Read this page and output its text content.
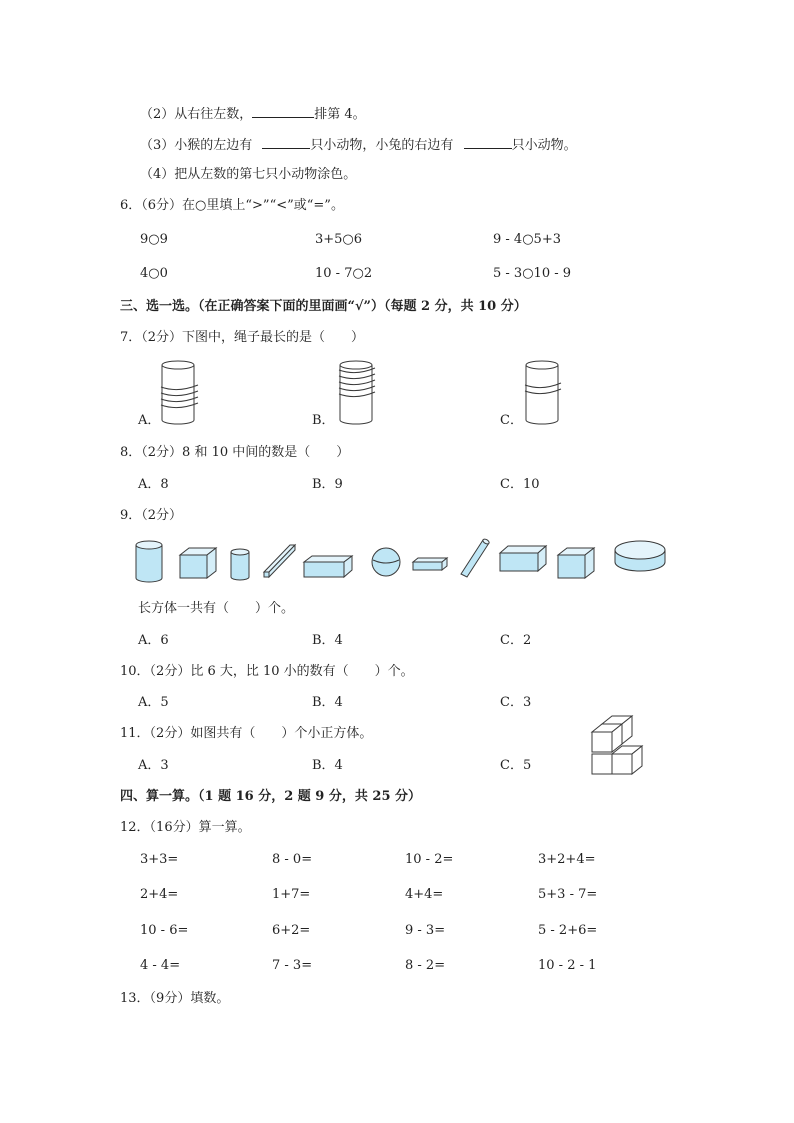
（2）从右往左数，	排第 4。
（3）小猴的左边有	只小动物，小兔的右边有	只小动物。
（4）把从左数的第七只小动物涂色。
6．（6分）在○里填上“>”“<”或“=”。
9○9	3+5○6	9 - 4○5+3
4○0	10 - 7○2	5 - 3○10 - 9
三、选一选。（在正确答案下面的里面画“√”）（每题 2 分，共 10 分）
7．（2分）下图中，绳子最长的是（　　）
A．	B．	C．
8．（2分）8 和 10 中间的数是（　　）
A．8	B．9	C．10
9．（2分）
长方体一共有（　　）个。
A．6	B．4	C．2
10．（2分）比 6 大，比 10 小的数有（　　）个。
A．5	B．4	C．3
11．（2分）如图共有（　　）个小正方体。
A．3	B．4	C．5
四、算一算。（1 题 16 分，2 题 9 分，共 25 分）
12．（16分）算一算。
3+3=	8 - 0=	10 - 2=	3+2+4=
2+4=	1+7=	4+4=	5+3 - 7=
10 - 6=	6+2=	9 - 3=	5 - 2+6=
4 - 4=	7 - 3=	8 - 2=	10 - 2 - 1
13．（9分）填数。
